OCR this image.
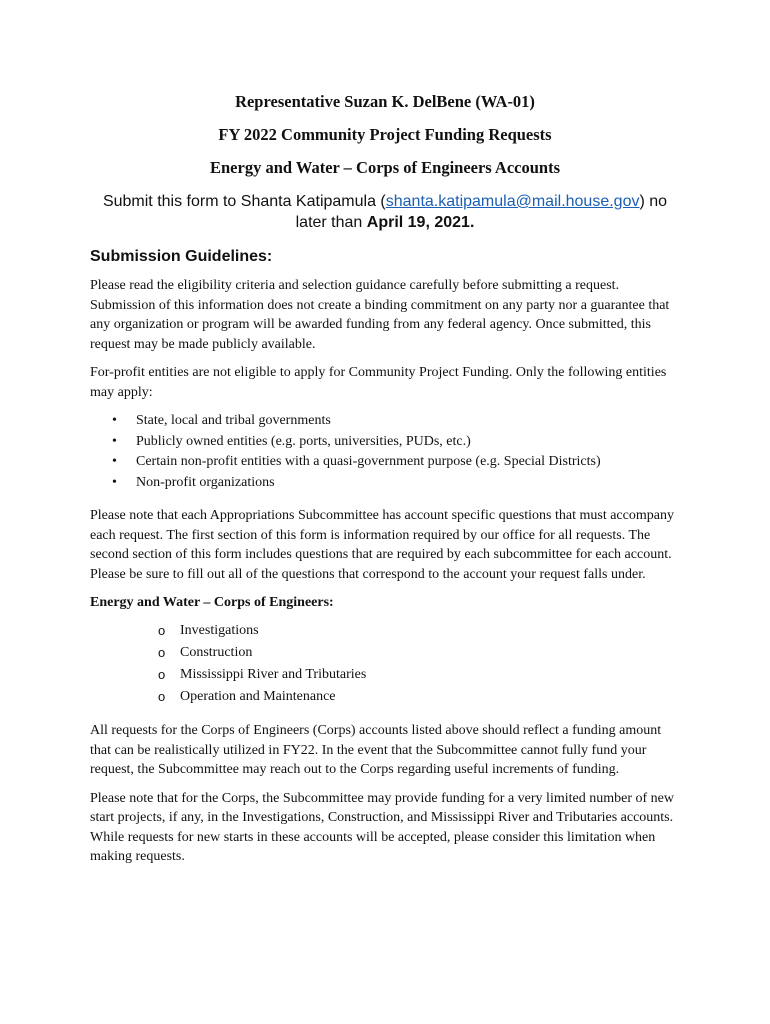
Representative Suzan K. DelBene (WA-01)
FY 2022 Community Project Funding Requests
Energy and Water – Corps of Engineers Accounts
Submit this form to Shanta Katipamula (shanta.katipamula@mail.house.gov) no later than April 19, 2021.
Submission Guidelines:

Please read the eligibility criteria and selection guidance carefully before submitting a request. Submission of this information does not create a binding commitment on any party nor a guarantee that any organization or program will be awarded funding from any federal agency. Once submitted, this request may be made publicly available.

For-profit entities are not eligible to apply for Community Project Funding. Only the following entities may apply:

• State, local and tribal governments
• Publicly owned entities (e.g. ports, universities, PUDs, etc.)
• Certain non-profit entities with a quasi-government purpose (e.g. Special Districts)
• Non-profit organizations

Please note that each Appropriations Subcommittee has account specific questions that must accompany each request. The first section of this form is information required by our office for all requests. The second section of this form includes questions that are required by each subcommittee for each account. Please be sure to fill out all of the questions that correspond to the account your request falls under.

Energy and Water – Corps of Engineers:
o Investigations
o Construction
o Mississippi River and Tributaries
o Operation and Maintenance

All requests for the Corps of Engineers (Corps) accounts listed above should reflect a funding amount that can be realistically utilized in FY22. In the event that the Subcommittee cannot fully fund your request, the Subcommittee may reach out to the Corps regarding useful increments of funding.

Please note that for the Corps, the Subcommittee may provide funding for a very limited number of new start projects, if any, in the Investigations, Construction, and Mississippi River and Tributaries accounts. While requests for new starts in these accounts will be accepted, please consider this limitation when making requests.
